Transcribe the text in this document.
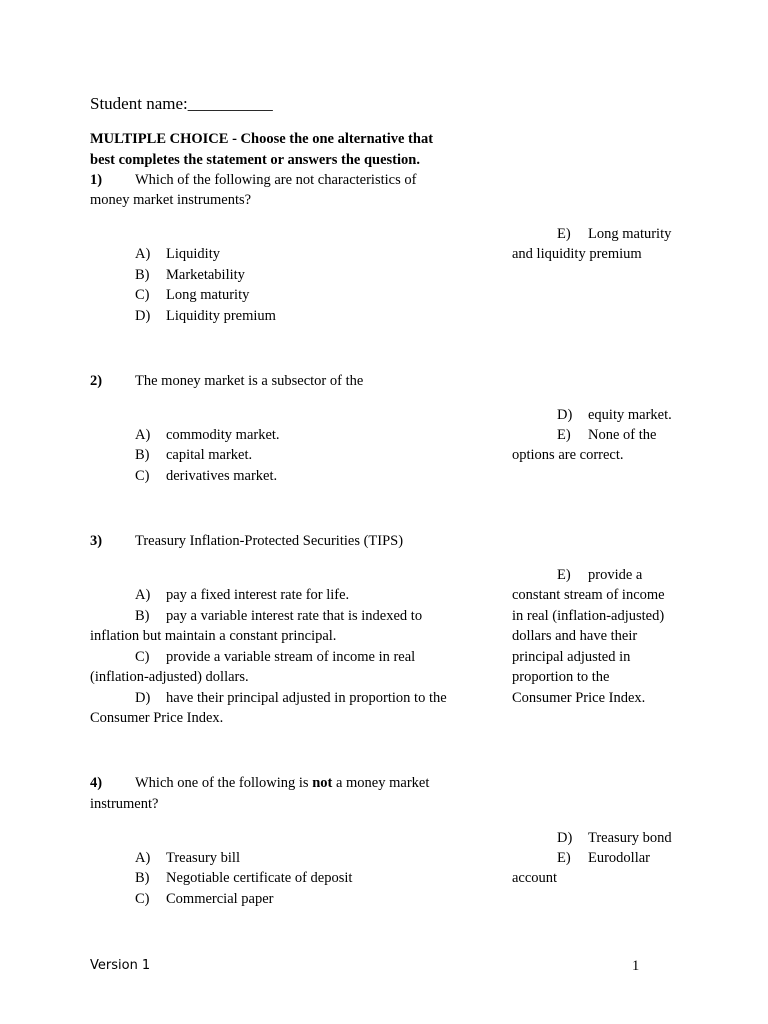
Student name:__________
MULTIPLE CHOICE - Choose the one alternative that
best completes the statement or answers the question.
1) Which of the following are not characteristics of
money market instruments?
A) Liquidity
B) Marketability
C) Long maturity
D) Liquidity premium
E) Long maturity
and liquidity premium
2) The money market is a subsector of the
A) commodity market.
B) capital market.
C) derivatives market.
D) equity market.
E) None of the
options are correct.
3) Treasury Inflation-Protected Securities (TIPS)
A) pay a fixed interest rate for life.
B) pay a variable interest rate that is indexed to
inflation but maintain a constant principal.
C) provide a variable stream of income in real
(inflation-adjusted) dollars.
D) have their principal adjusted in proportion to the
Consumer Price Index.
E) provide a
constant stream of income
in real (inflation-adjusted)
dollars and have their
principal adjusted in
proportion to the
Consumer Price Index.
4) Which one of the following is not a money market
instrument?
A) Treasury bill
B) Negotiable certificate of deposit
C) Commercial paper
D) Treasury bond
E) Eurodollar
account
Version 1	1
